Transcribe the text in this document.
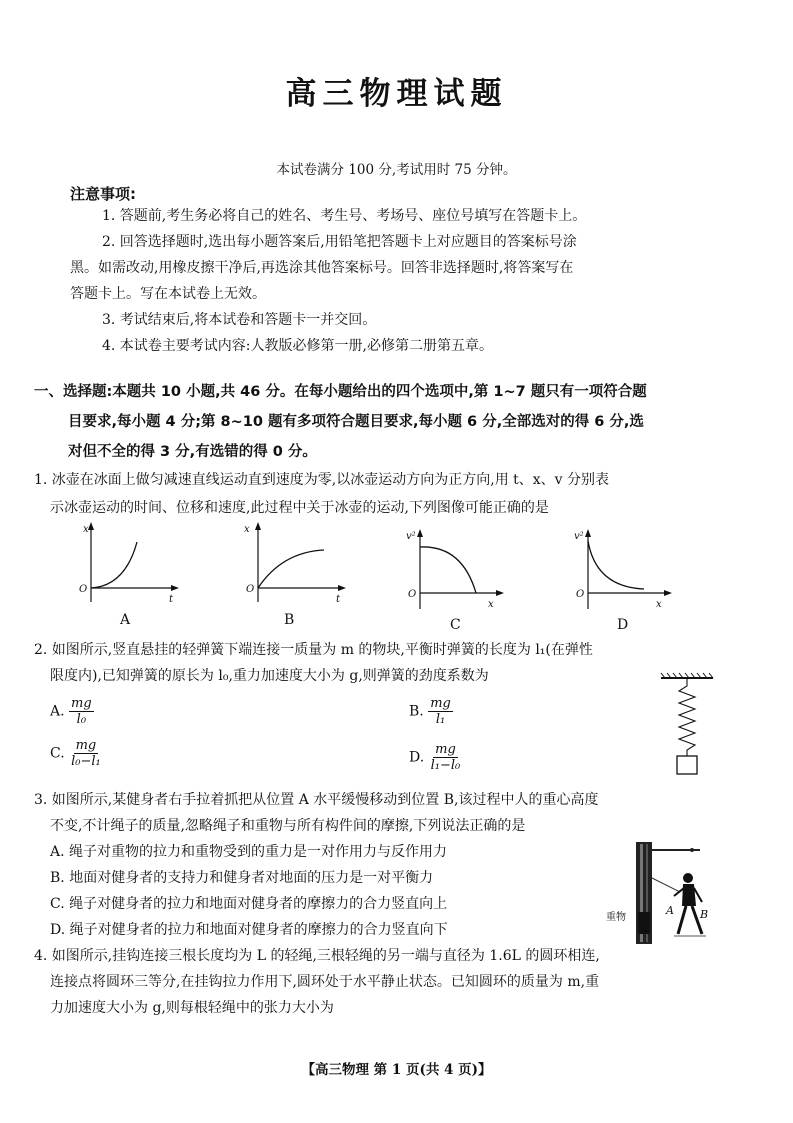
高三物理试题
本试卷满分 100 分,考试用时 75 分钟。
注意事项:
1. 答题前,考生务必将自己的姓名、考生号、考场号、座位号填写在答题卡上。
2. 回答选择题时,选出每小题答案后,用铅笔把答题卡上对应题目的答案标号涂
黑。如需改动,用橡皮擦干净后,再选涂其他答案标号。回答非选择题时,将答案写在
答题卡上。写在本试卷上无效。
3. 考试结束后,将本试卷和答题卡一并交回。
4. 本试卷主要考试内容:人教版必修第一册,必修第二册第五章。
一、选择题:本题共 10 小题,共 46 分。在每小题给出的四个选项中,第 1~7 题只有一项符合题
目要求,每小题 4 分;第 8~10 题有多项符合题目要求,每小题 6 分,全部选对的得 6 分,选
对但不全的得 3 分,有选错的得 0 分。
1. 冰壶在冰面上做匀减速直线运动直到速度为零,以冰壶运动方向为正方向,用 t、x、v 分别表
示冰壶运动的时间、位移和速度,此过程中关于冰壶的运动,下列图像可能正确的是
x
O
t
A
x
O
t
B
v²
O
x
C
v²
O
x
D
2. 如图所示,竖直悬挂的轻弹簧下端连接一质量为 m 的物块,平衡时弹簧的长度为 l₁(在弹性
限度内),已知弹簧的原长为 l₀,重力加速度大小为 g,则弹簧的劲度系数为
A. $\frac{mg}{\text{l₀}}$	B. $\frac{mg}{\text{l₁}}$
C. $\frac{mg}{\text{l₀−l₁}}$	D. $\frac{mg}{\text{l₁−l₀}}$
3. 如图所示,某健身者右手拉着抓把从位置 A 水平缓慢移动到位置 B,该过程中人的重心高度
不变,不计绳子的质量,忽略绳子和重物与所有构件间的摩擦,下列说法正确的是
A. 绳子对重物的拉力和重物受到的重力是一对作用力与反作用力
B. 地面对健身者的支持力和健身者对地面的压力是一对平衡力
C. 绳子对健身者的拉力和地面对健身者的摩擦力的合力竖直向上
D. 绳子对健身者的拉力和地面对健身者的摩擦力的合力竖直向下
重物
A B
4. 如图所示,挂钩连接三根长度均为 L 的轻绳,三根轻绳的另一端与直径为 1.6L 的圆环相连,
连接点将圆环三等分,在挂钩拉力作用下,圆环处于水平静止状态。已知圆环的质量为 m,重
力加速度大小为 g,则每根轻绳中的张力大小为
【高三物理 第 1 页(共 4 页)】
